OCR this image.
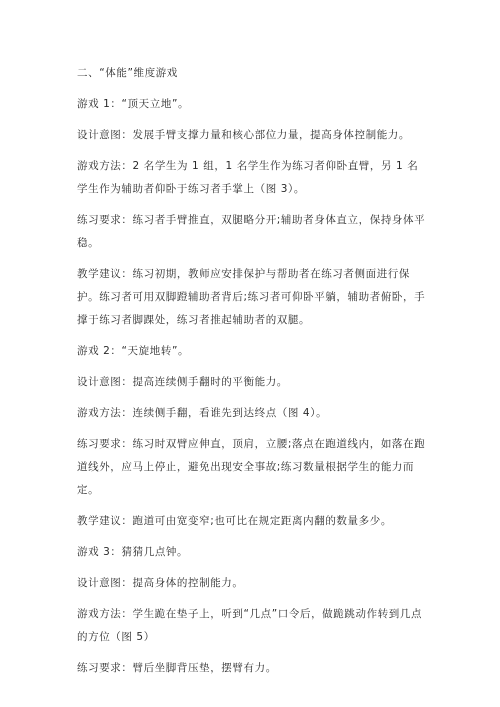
二、“体能”维度游戏

游戏 1：“顶天立地”。

设计意图：发展手臂支撑力量和核心部位力量，提高身体控制能力。

游戏方法：2 名学生为 1 组，1 名学生作为练习者仰卧直臂，另 1 名学生作为辅助者仰卧于练习者手掌上（图 3）。

练习要求：练习者手臂推直，双腿略分开;辅助者身体直立，保持身体平稳。

教学建议：练习初期，教师应安排保护与帮助者在练习者侧面进行保护。练习者可用双脚蹬辅助者背后;练习者可仰卧平躺，辅助者俯卧，手撑于练习者脚踝处，练习者推起辅助者的双腿。

游戏 2：“天旋地转”。

设计意图：提高连续侧手翻时的平衡能力。

游戏方法：连续侧手翻，看谁先到达终点（图 4）。

练习要求：练习时双臂应伸直，顶肩，立腰;落点在跑道线内，如落在跑道线外，应马上停止，避免出现安全事故;练习数量根据学生的能力而定。

教学建议：跑道可由宽变窄;也可比在规定距离内翻的数量多少。

游戏 3：猜猜几点钟。

设计意图：提高身体的控制能力。

游戏方法：学生跪在垫子上，听到“几点”口令后，做跪跳动作转到几点的方位（图 5）

练习要求：臂后坐脚背压垫，摆臂有力。
